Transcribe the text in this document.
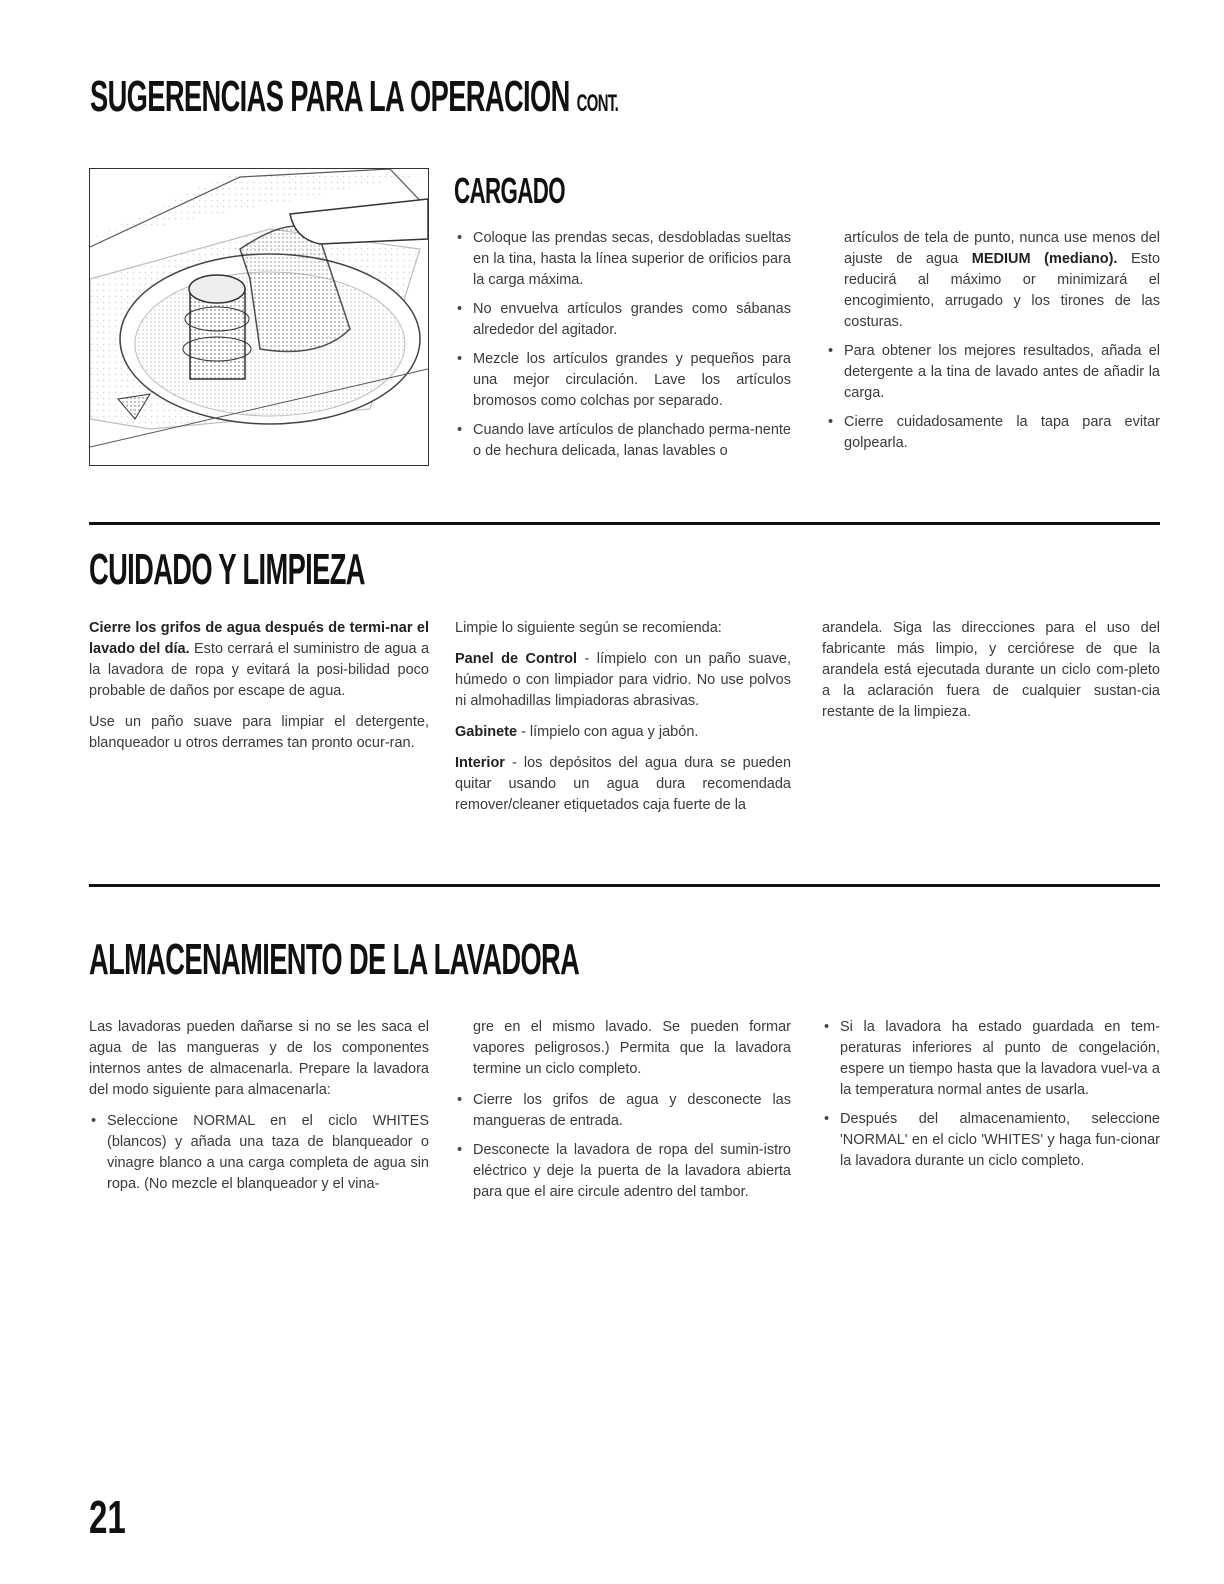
SUGERENCIAS PARA LA OPERACION CONT.
CARGADO
• Coloque las prendas secas, desdobladas sueltas en la tina, hasta la línea superior de orificios para la carga máxima.
• No envuelva artículos grandes como sábanas alrededor del agitador.
• Mezcle los artículos grandes y pequeños para una mejor circulación. Lave los artículos bromosos como colchas por separado.
• Cuando lave artículos de planchado perma-nente o de hechura delicada, lanas lavables o

artículos de tela de punto, nunca use menos del ajuste de agua MEDIUM (mediano). Esto reducirá al máximo or minimizará el encogimiento, arrugado y los tirones de las costuras.

• Para obtener los mejores resultados, añada el detergente a la tina de lavado antes de añadir la carga.
• Cierre cuidadosamente la tapa para evitar golpearla.
CUIDADO Y LIMPIEZA

Cierre los grifos de agua después de termi-nar el lavado del día. Esto cerrará el suministro de agua a la lavadora de ropa y evitará la posi-bilidad poco probable de daños por escape de agua.

Use un paño suave para limpiar el detergente, blanqueador u otros derrames tan pronto ocur-ran.

Limpie lo siguiente según se recomienda:

Panel de Control - límpielo con un paño suave, húmedo o con limpiador para vidrio. No use polvos ni almohadillas limpiadoras abrasivas.

Gabinete - límpielo con agua y jabón.

Interior - los depósitos del agua dura se pueden quitar usando un agua dura recomendada remover/cleaner etiquetados caja fuerte de la

arandela. Siga las direcciones para el uso del fabricante más limpio, y cerciórese de que la arandela está ejecutada durante un ciclo com-pleto a la aclaración fuera de cualquier sustan-cia restante de la limpieza.

ALMACENAMIENTO DE LA LAVADORA

Las lavadoras pueden dañarse si no se les saca el agua de las mangueras y de los componentes internos antes de almacenarla. Prepare la lavadora del modo siguiente para almacenarla:

• Seleccione NORMAL en el ciclo WHITES (blancos) y añada una taza de blanqueador o vinagre blanco a una carga completa de agua sin ropa. (No mezcle el blanqueador y el vina-

gre en el mismo lavado. Se pueden formar vapores peligrosos.) Permita que la lavadora termine un ciclo completo.

• Cierre los grifos de agua y desconecte las mangueras de entrada.
• Desconecte la lavadora de ropa del sumin-istro eléctrico y deje la puerta de la lavadora abierta para que el aire circule adentro del tambor.
• Si la lavadora ha estado guardada en tem-peraturas inferiores al punto de congelación, espere un tiempo hasta que la lavadora vuel-va a la temperatura normal antes de usarla.
• Después del almacenamiento, seleccione 'NORMAL' en el ciclo 'WHITES' y haga fun-cionar la lavadora durante un ciclo completo.
21
